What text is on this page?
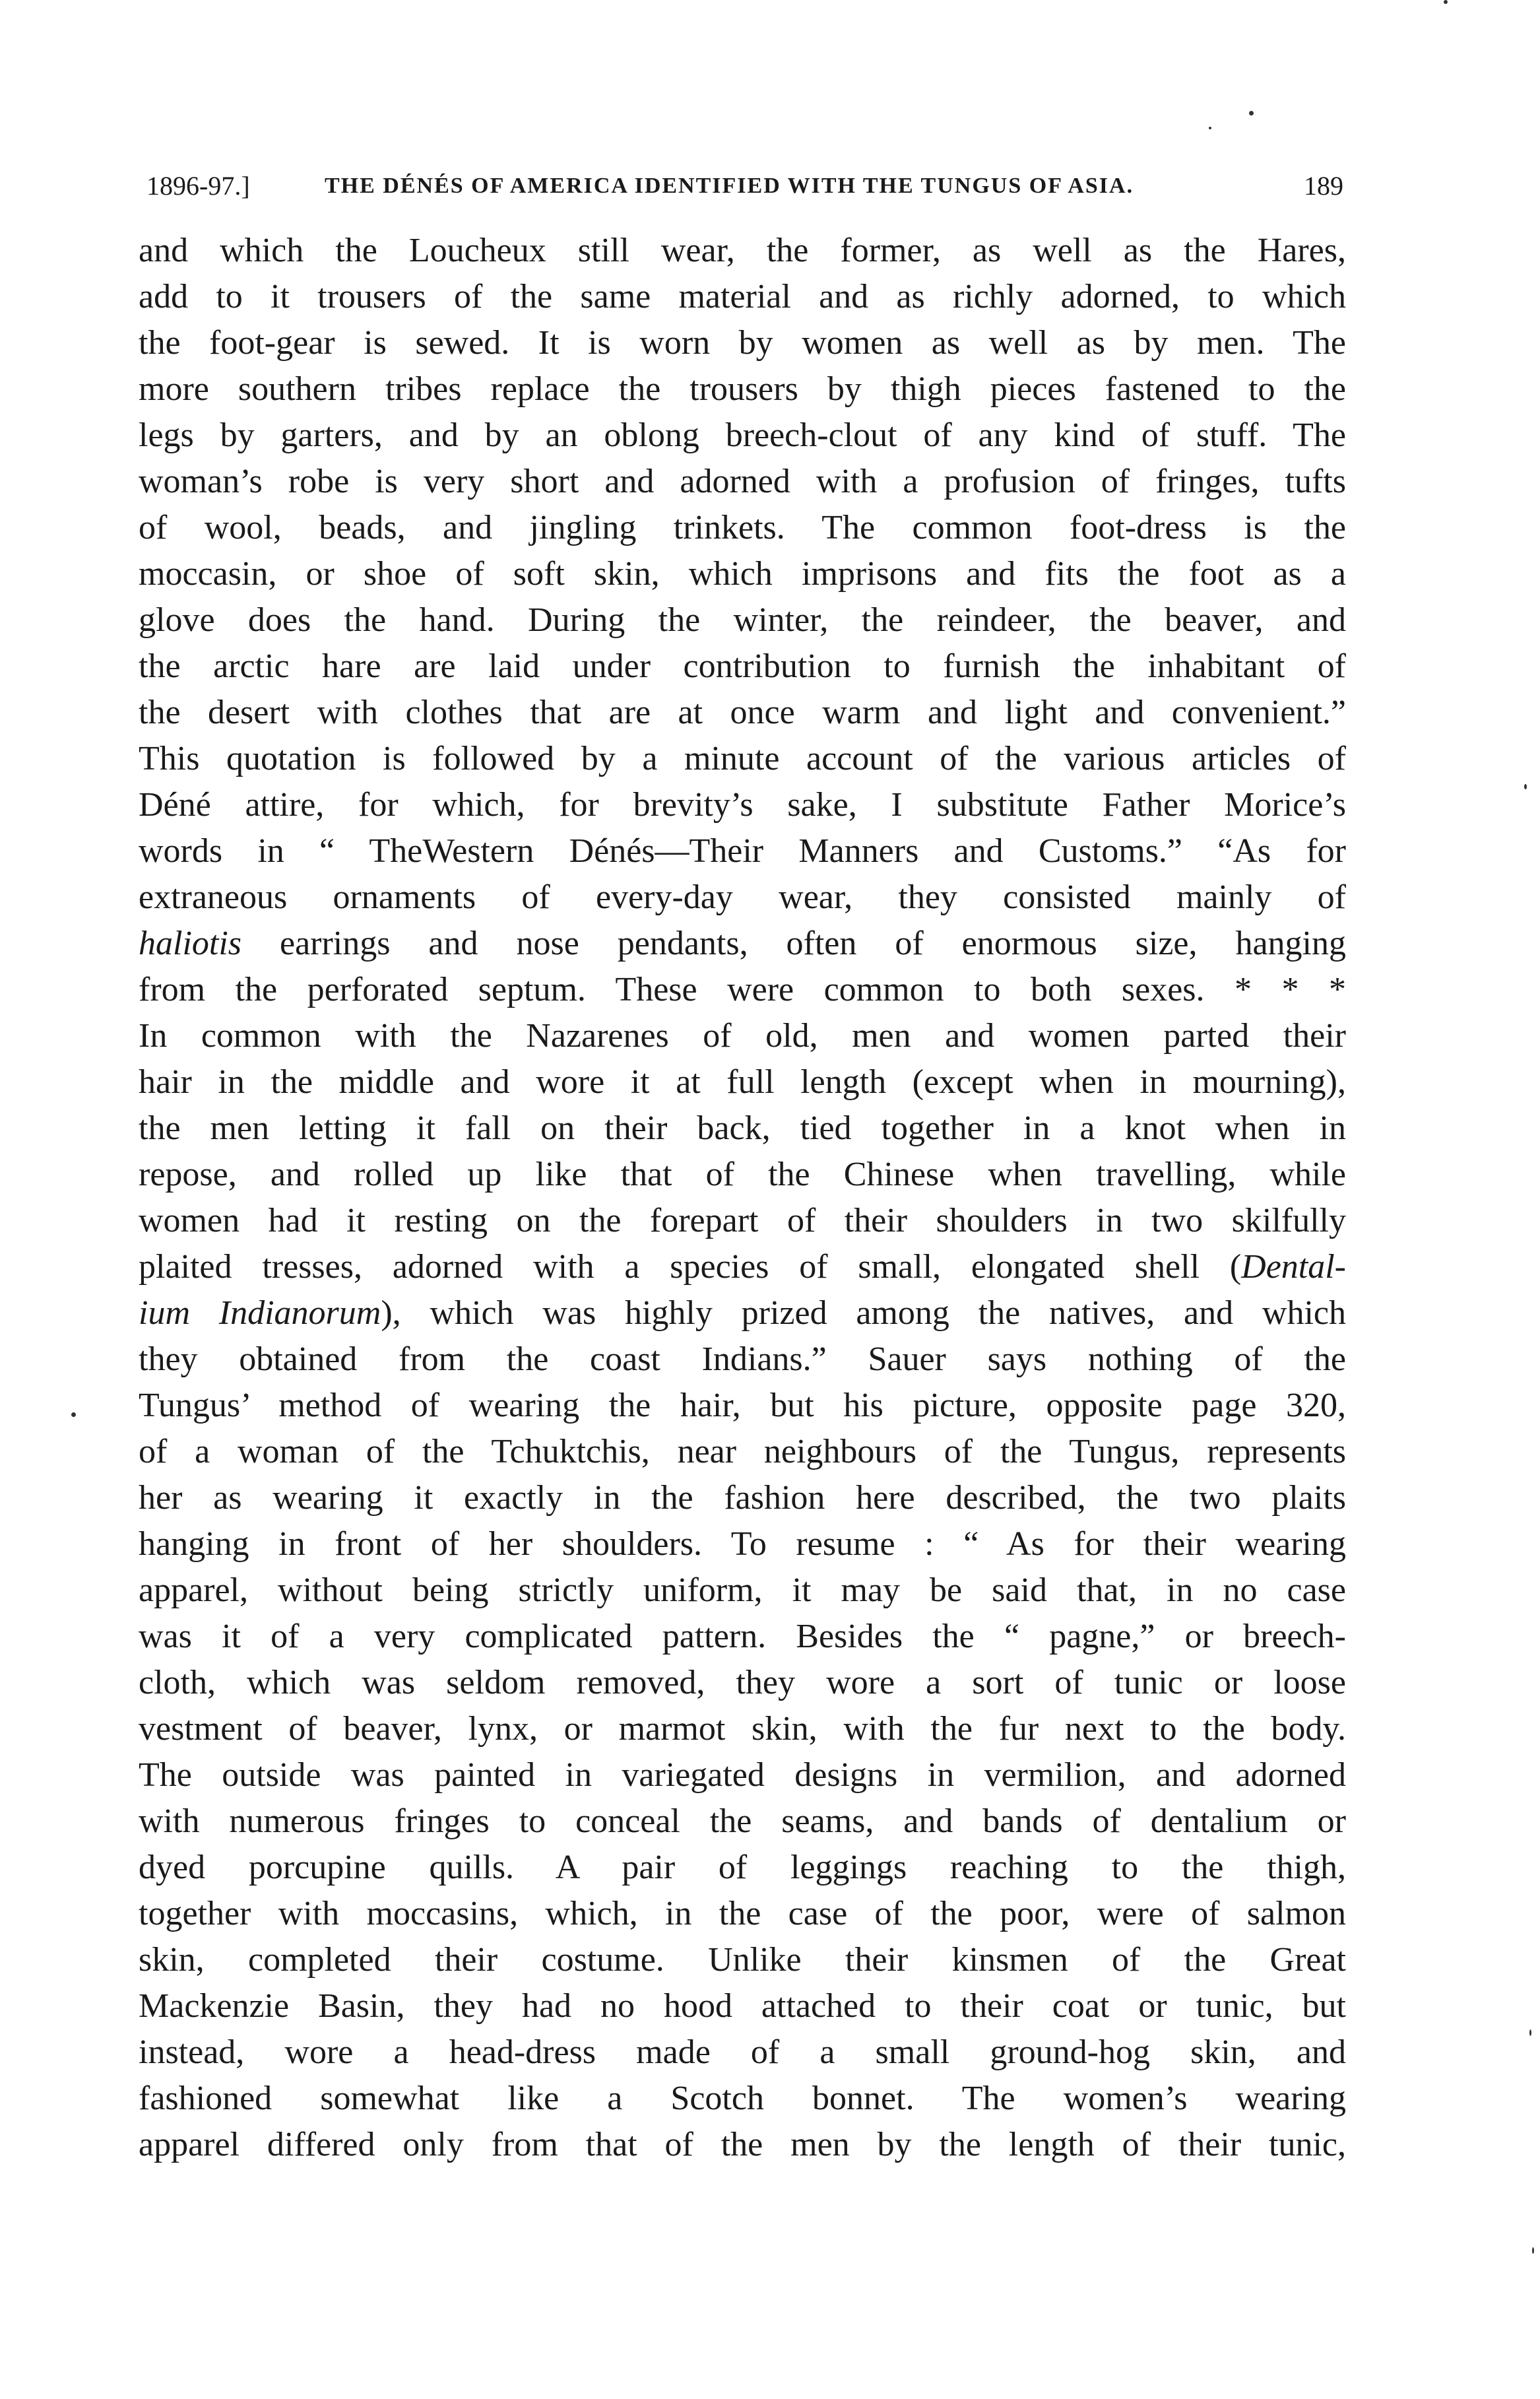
1896-97.]	THE DÉNÉS OF AMERICA IDENTIFIED WITH THE TUNGUS OF ASIA.	189
and which the Loucheux still wear, the former, as well as the Hares,
add to it trousers of the same material and as richly adorned, to which
the foot-gear is sewed. It is worn by women as well as by men. The
more southern tribes replace the trousers by thigh pieces fastened to the
legs by garters, and by an oblong breech-clout of any kind of stuff. The
woman’s robe is very short and adorned with a profusion of fringes, tufts
of wool, beads, and jingling trinkets. The common foot-dress is the
moccasin, or shoe of soft skin, which imprisons and fits the foot as a
glove does the hand. During the winter, the reindeer, the beaver, and
the arctic hare are laid under contribution to furnish the inhabitant of
the desert with clothes that are at once warm and light and convenient.”
This quotation is followed by a minute account of the various articles of
Déné attire, for which, for brevity’s sake, I substitute Father Morice’s
words in “ TheWestern Dénés—Their Manners and Customs.” “As for
extraneous ornaments of every-day wear, they consisted mainly of
haliotis earrings and nose pendants, often of enormous size, hanging
from the perforated septum. These were common to both sexes. * * *
In common with the Nazarenes of old, men and women parted their
hair in the middle and wore it at full length (except when in mourning),
the men letting it fall on their back, tied together in a knot when in
repose, and rolled up like that of the Chinese when travelling, while
women had it resting on the forepart of their shoulders in two skilfully
plaited tresses, adorned with a species of small, elongated shell (Dental-
ium Indianorum), which was highly prized among the natives, and which
they obtained from the coast Indians.” Sauer says nothing of the
Tungus’ method of wearing the hair, but his picture, opposite page 320,
of a woman of the Tchuktchis, near neighbours of the Tungus, represents
her as wearing it exactly in the fashion here described, the two plaits
hanging in front of her shoulders. To resume : “ As for their wearing
apparel, without being strictly uniform, it may be said that, in no case
was it of a very complicated pattern. Besides the “ pagne,” or breech-
cloth, which was seldom removed, they wore a sort of tunic or loose
vestment of beaver, lynx, or marmot skin, with the fur next to the body.
The outside was painted in variegated designs in vermilion, and adorned
with numerous fringes to conceal the seams, and bands of dentalium or
dyed porcupine quills. A pair of leggings reaching to the thigh,
together with moccasins, which, in the case of the poor, were of salmon
skin, completed their costume. Unlike their kinsmen of the Great
Mackenzie Basin, they had no hood attached to their coat or tunic, but
instead, wore a head-dress made of a small ground-hog skin, and
fashioned somewhat like a Scotch bonnet. The women’s wearing
apparel differed only from that of the men by the length of their tunic,
